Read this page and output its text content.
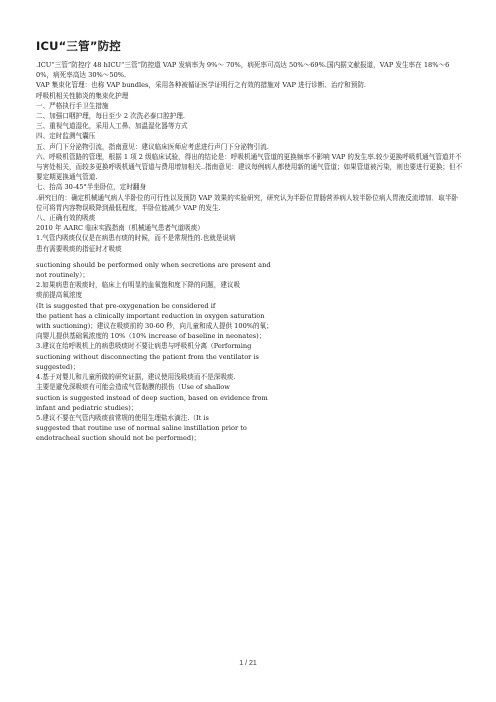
ICU“三管”防控
.ICU“三管”防控疗 48 hICU“三管”防控道 VAP 发病率为 9%～ 70%，病死率可高达 50%～69%.国内据文献报道，VAP 发生率在 18%～60%，病死率高达 30%～50%.
VAP 集束化管理：也称 VAP bundles，采用各种被循证医学证明行之有效的措施对 VAP 进行诊断、治疗和预防.
呼吸机相关性肺炎的集束化护理
一、严格执行手卫生措施
二、加强口咽护理，每日至少 2 次洗必泰口腔护理.
三、重视气道湿化，采用人工鼻、加温湿化器等方式
四、定时监测气囊压
五、声门下分泌物引流，指南意见：建议临床医师应考虑进行声门下分泌物引流.
六、呼吸机管路的管理，根据 1 项 2 级临床试验，得出的结论是：呼吸机通气管道的更换频率不影响 VAP 的发生率.较少更换呼吸机通气管道并不与害处相关，而较多更换呼吸机通气管道与费用增加相关..指南意见：建议每例病人都使用新的通气管道；如果管道被污染，则也要进行更换；但不要定期更换通气管道.
七、抬高 30-45°半坐卧位，定时翻身
.研究目的：确定机械通气病人半卧位的可行性以及预防 VAP 效果的实验研究，研究认为半卧位胃肠营养病人较半卧位病人胃液反流增加．取半卧位可将胃内容物误吸降到最低程度，半卧位能减少 VAP 的发生.
八、正确有效的吸痰
2010 年 AARC 临床实践指南（机械通气患者气道吸痰）
1.气管内吸痰仅仅是在病患有痰的时候，而不是常规性的.也就是说病
患有需要吸痰的指征时才吸痰
suctioning should be performed only when secretions are present and
not routinely）；
2.如果病患在吸痰时，临床上有明显的血氧饱和度下降的问题，建议吸
痰前提高氧浓度
(It is suggested that pre-oxygenation be considered if
the patient has a clinically important reduction in oxygen saturation
with suctioning)；建议在吸痰前的 30-60 秒，向儿童和成人提供 100%的氧；
向婴儿提供基础氧浓度的 10%（10% increase of baseline in neonates)；
3.建议在给呼吸机上的病患吸痰时不要让病患与呼吸机分离（Performing
suctioning without disconnecting the patient from the ventilator is
suggested)；
4.基于对婴儿和儿童所做的研究证据，建议使用浅吸痰而不是深吸痰.
主要是避免深吸痰有可能会造成气管黏膜的损伤（Use of shallow
suction is suggested instead of deep suction, based on evidence from
infant and pediatric studies)；
5.建议不要在气管内吸痰前常规的使用生理盐水滴注.（It is
suggested that routine use of normal saline instillation prior to
endotracheal suction should not be performed)；
1 / 21
